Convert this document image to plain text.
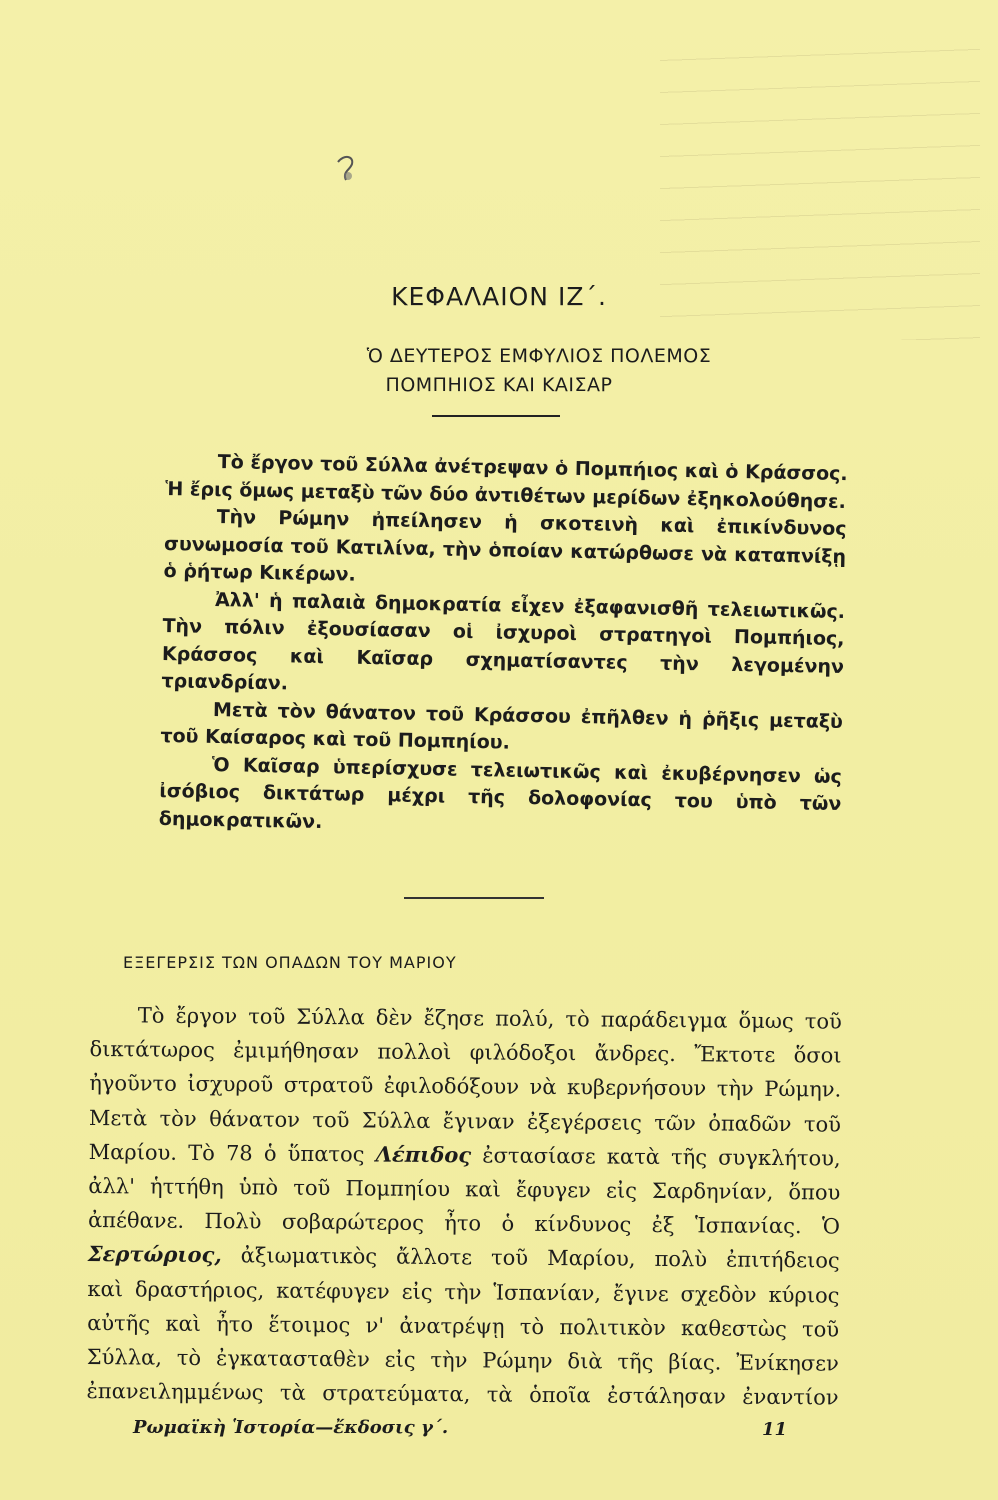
ΚΕΦΑΛΑΙΟΝ ΙΖ΄.
Ὁ ΔΕΥΤΕΡΟΣ ΕΜΦΥΛΙΟΣ ΠΟΛΕΜΟΣ
ΠΟΜΠΗΙΟΣ ΚΑΙ ΚΑΙΣΑΡ

Τὸ ἔργον τοῦ Σύλλα ἀνέτρεψαν ὁ Πομπήιος καὶ ὁ Κράσσος. Ἡ ἔρις ὅμως μεταξὺ τῶν δύο ἀντιθέτων μερίδων ἐξηκολούθησε.

Τὴν Ρώμην ἠπείλησεν ἡ σκοτεινὴ καὶ ἐπικίνδυνος συνωμοσία τοῦ Κατιλίνα, τὴν ὁποίαν κατώρθωσε νὰ καταπνίξῃ ὁ ῥήτωρ Κικέρων.

Ἀλλ' ἡ παλαιὰ δημοκρατία εἶχεν ἐξαφανισθῆ τελειωτικῶς. Τὴν πόλιν ἐξουσίασαν οἱ ἰσχυροὶ στρατηγοὶ Πομπήιος, Κράσσος καὶ Καῖσαρ σχηματίσαντες τὴν λεγομένην τριανδρίαν.

Μετὰ τὸν θάνατον τοῦ Κράσσου ἐπῆλθεν ἡ ῥῆξις μεταξὺ τοῦ Καίσαρος καὶ τοῦ Πομπηίου.

Ὁ Καῖσαρ ὑπερίσχυσε τελειωτικῶς καὶ ἐκυβέρνησεν ὡς ἰσόβιος δικτάτωρ μέχρι τῆς δολοφονίας του ὑπὸ τῶν δημοκρατικῶν.

ΕΞΕΓΕΡΣΙΣ ΤΩΝ ΟΠΑΔΩΝ ΤΟΥ ΜΑΡΙΟΥ
Τὸ ἔργον τοῦ Σύλλα δὲν ἔζησε πολύ, τὸ παράδειγμα ὅμως τοῦ
δικτάτωρος ἐμιμήθησαν πολλοὶ φιλόδοξοι ἄνδρες. Ἔκτοτε ὅσοι
ἠγοῦντο ἰσχυροῦ στρατοῦ ἐφιλοδόξουν νὰ κυβερνήσουν τὴν Ρώμην.
Μετὰ τὸν θάνατον τοῦ Σύλλα ἔγιναν ἐξεγέρσεις τῶν ὀπαδῶν τοῦ
Μαρίου. Τὸ 78 ὁ ὕπατος Λέπιδος ἐστασίασε κατὰ τῆς συγκλήτου,
ἀλλ' ἡττήθη ὑπὸ τοῦ Πομπηίου καὶ ἔφυγεν εἰς Σαρδηνίαν, ὅπου
ἀπέθανε. Πολὺ σοβαρώτερος ἦτο ὁ κίνδυνος ἐξ Ἱσπανίας. Ὁ
Σερτώριος, ἀξιωματικὸς ἄλλοτε τοῦ Μαρίου, πολὺ ἐπιτήδειος
καὶ δραστήριος, κατέφυγεν εἰς τὴν Ἱσπανίαν, ἔγινε σχεδὸν κύριος
αὐτῆς καὶ ἦτο ἕτοιμος ν' ἀνατρέψῃ τὸ πολιτικὸν καθεστὼς τοῦ
Σύλλα, τὸ ἐγκατασταθὲν εἰς τὴν Ρώμην διὰ τῆς βίας. Ἐνίκησεν
ἐπανειλημμένως τὰ στρατεύματα, τὰ ὁποῖα ἐστάλησαν ἐναντίον
Ρωμαϊκὴ Ἱστορία—ἔκδοσις γ΄.	11
